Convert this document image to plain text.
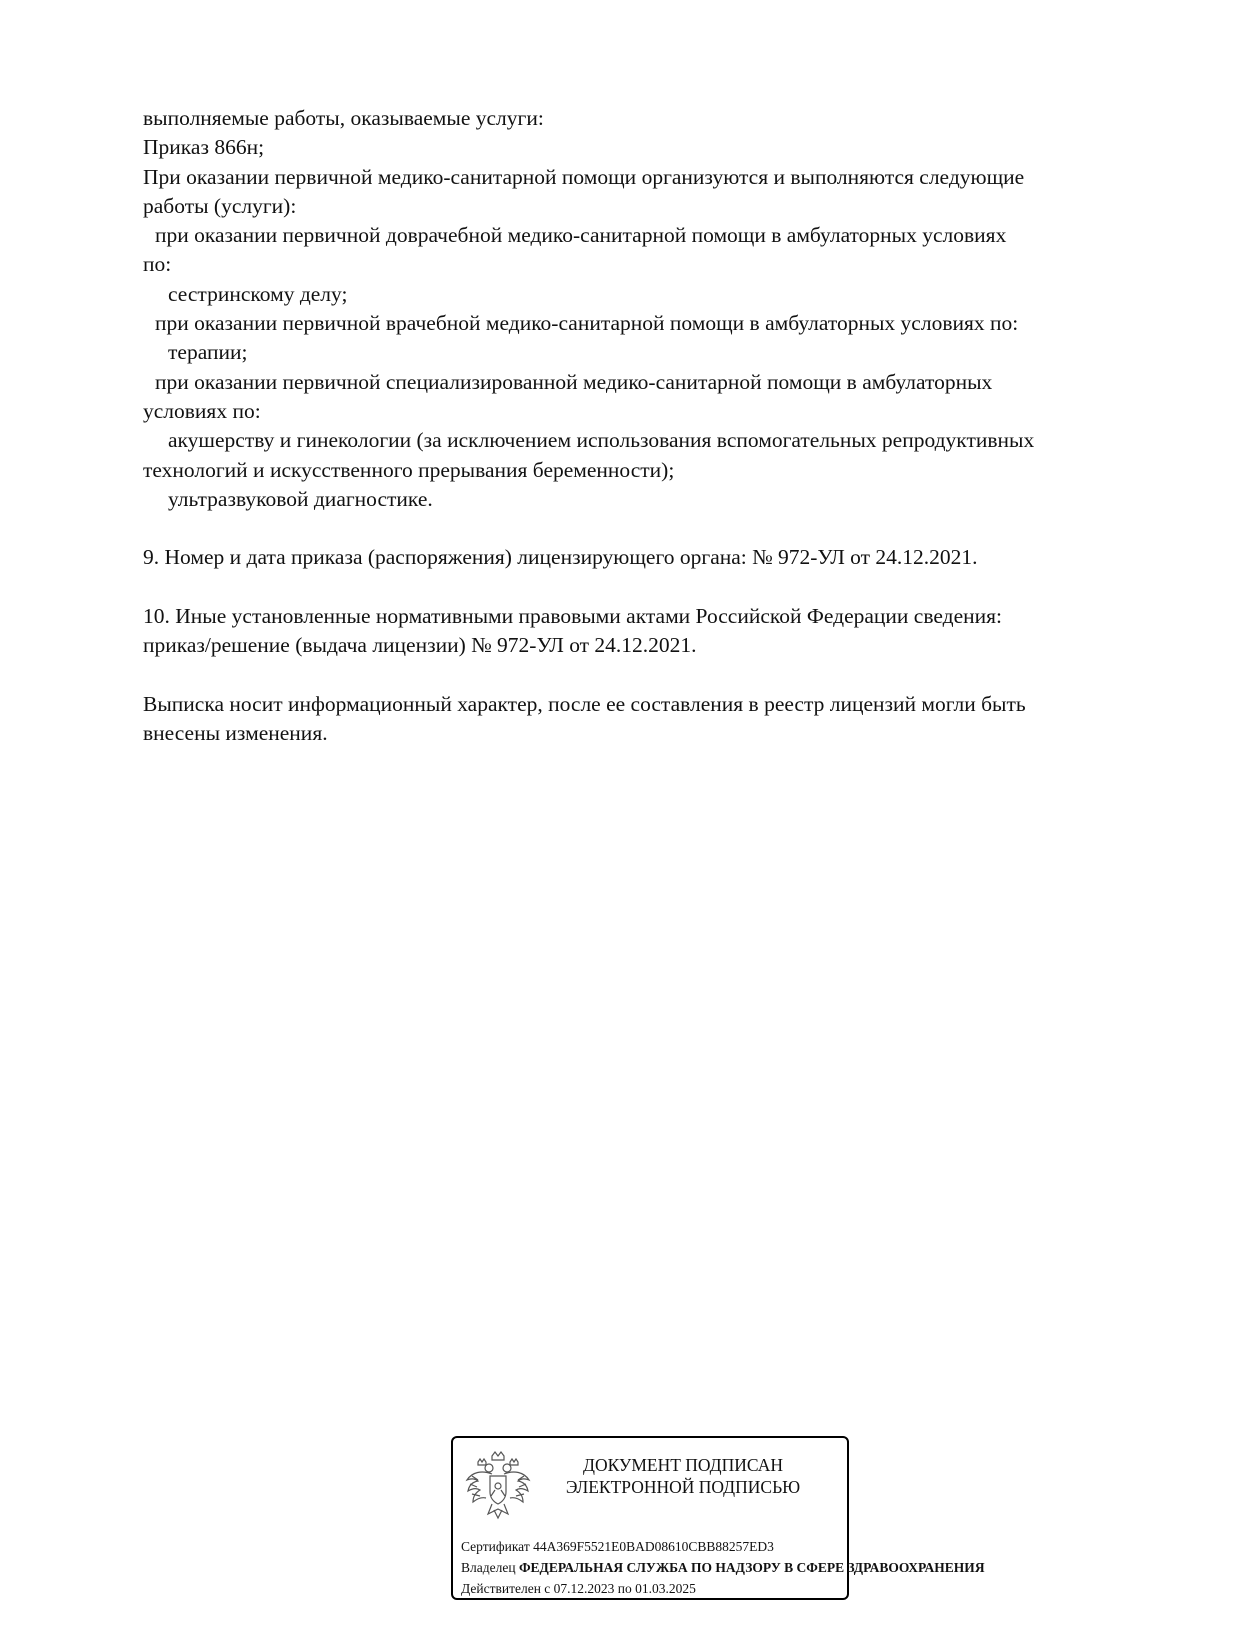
выполняемые работы, оказываемые услуги:
Приказ 866н;
При оказании первичной медико-санитарной помощи организуются и выполняются следующие
работы (услуги):
при оказании первичной доврачебной медико-санитарной помощи в амбулаторных условиях
по:
сестринскому делу;
при оказании первичной врачебной медико-санитарной помощи в амбулаторных условиях по:
терапии;
при оказании первичной специализированной медико-санитарной помощи в амбулаторных
условиях по:
акушерству и гинекологии (за исключением использования вспомогательных репродуктивных
технологий и искусственного прерывания беременности);
ультразвуковой диагностике.
9. Номер и дата приказа (распоряжения) лицензирующего органа: № 972-УЛ от 24.12.2021.
10. Иные установленные нормативными правовыми актами Российской Федерации сведения:
приказ/решение (выдача лицензии) № 972-УЛ от 24.12.2021.
Выписка носит информационный характер, после ее составления в реестр лицензий могли быть
внесены изменения.
ДОКУМЕНТ ПОДПИСАН
ЭЛЕКТРОННОЙ ПОДПИСЬЮ
Сертификат 44A369F5521E0BAD08610CBB88257ED3
Владелец ФЕДЕРАЛЬНАЯ СЛУЖБА ПО НАДЗОРУ В СФЕРЕ ЗДРАВООХРАНЕНИЯ
Действителен с 07.12.2023 по 01.03.2025
